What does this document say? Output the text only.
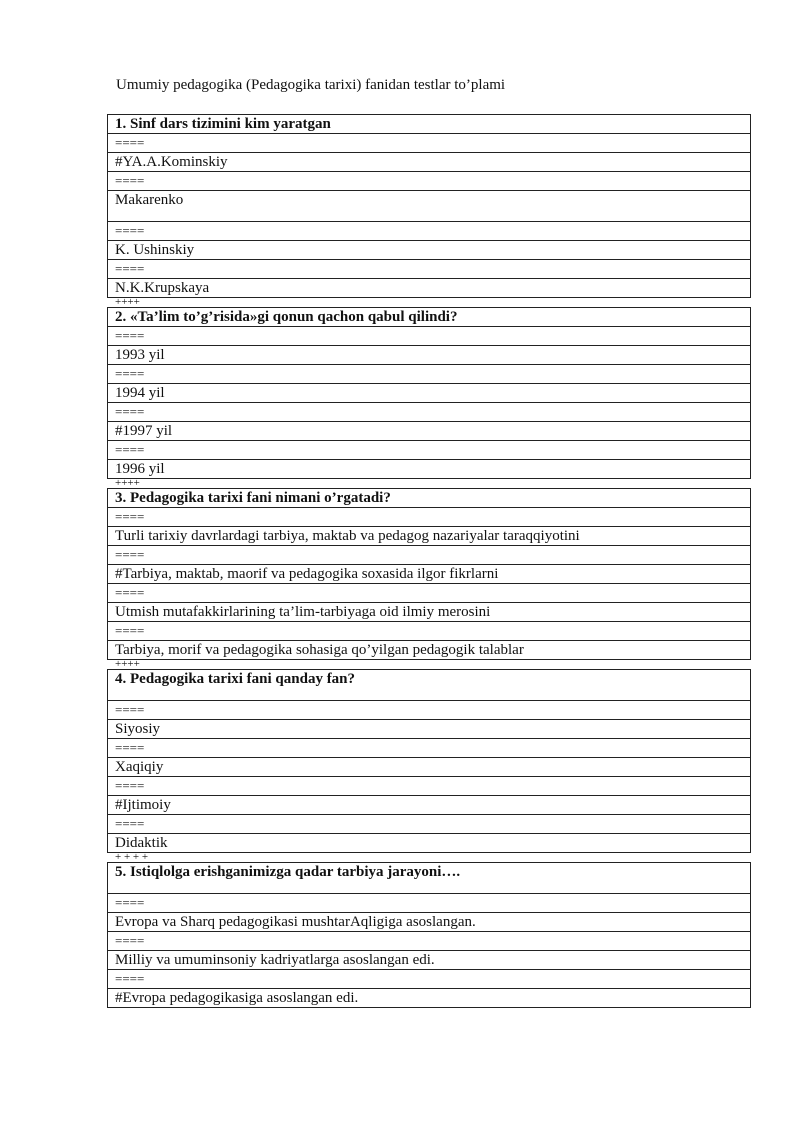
Umumiy pedagogika (Pedagogika tarixi) fanidan testlar to’plami
1. Sinf dars tizimini kim yaratgan
====
#YA.A.Kominskiy
====
Makarenko
====
K. Ushinskiy
====
N.K.Krupskaya
++++
2. «Ta’lim to’g’risida»gi qonun qachon qabul qilindi?
====
1993 yil
====
1994 yil
====
#1997 yil
====
1996 yil
++++
3. Pedagogika tarixi fani nimani o’rgatadi?
====
Turli tarixiy davrlardagi tarbiya, maktab va pedagog nazariyalar taraqqiyotini
====
#Tarbiya, maktab, maorif va pedagogika soxasida ilgor fikrlarni
====
Utmish mutafakkirlarining ta’lim-tarbiyaga oid ilmiy merosini
====
Tarbiya, morif va pedagogika sohasiga qo’yilgan pedagogik talablar
++++
4. Pedagogika tarixi fani qanday fan?
====
Siyosiy
====
Xaqiqiy
====
#Ijtimoiy
====
Didaktik
+ + + +
5. Istiqlolga erishganimizga qadar tarbiya jarayoni….
====
Evropa va Sharq pedagogikasi mushtarAqligiga asoslangan.
====
Milliy va umuminsoniy kadriyatlarga asoslangan edi.
====
#Evropa pedagogikasiga asoslangan edi.
